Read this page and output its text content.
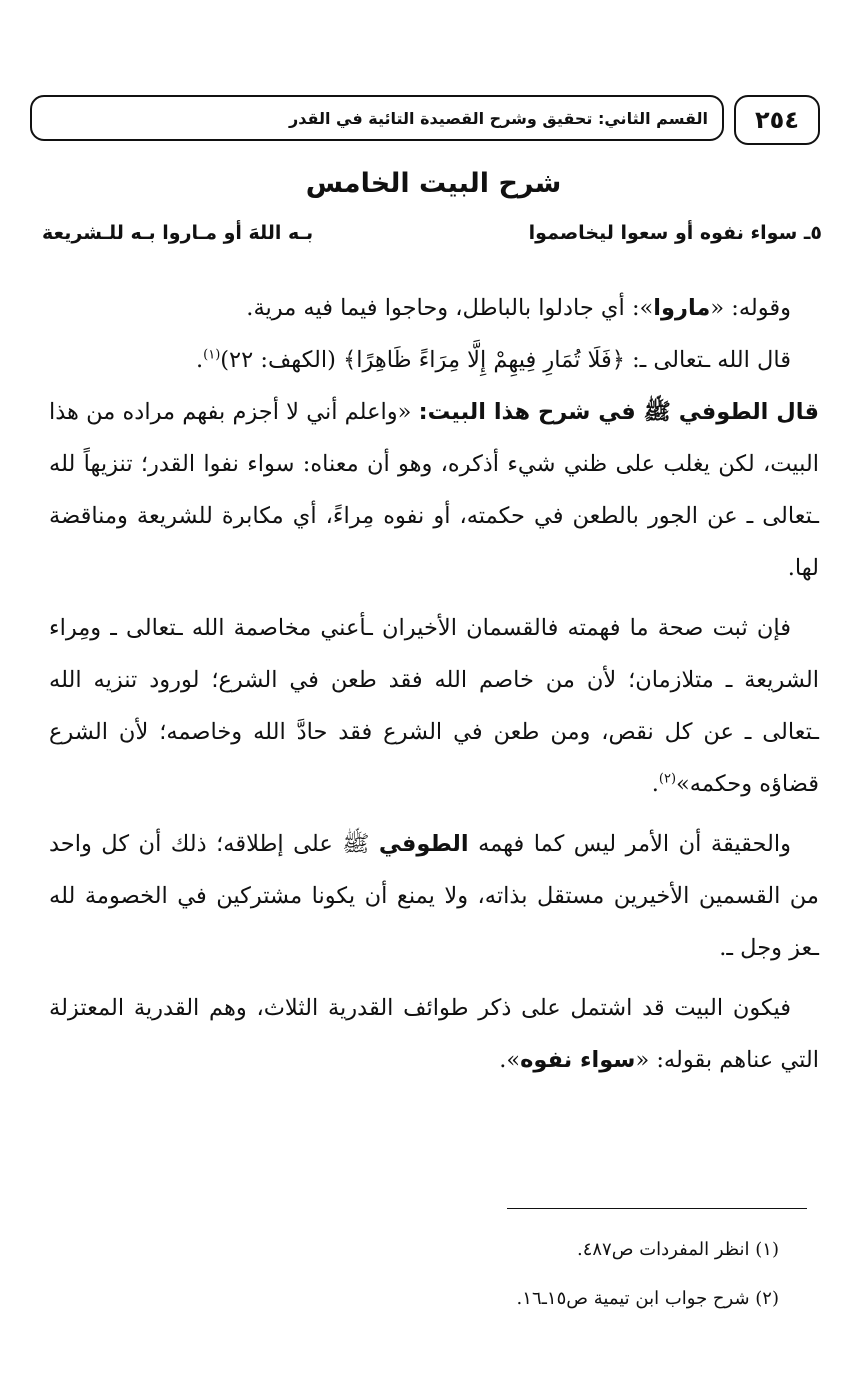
٢٥٤
القسم الثاني: تحقيق وشرح القصيدة التائية في القدر
شرح البيت الخامس
٥ـ سواء نفوه أو سعوا ليخاصموا
بـه اللهَ أو مـاروا بـه للـشريعة

وقوله: «ماروا»: أي جادلوا بالباطل، وحاجوا فيما فيه مرية.

قال الله ـتعالى ـ: ﴿فَلَا تُمَارِ فِيهِمْ إِلَّا مِرَاءً ظَاهِرًا﴾ (الكهف: ٢٢)$^{(١)}$.

قال الطوفي ﷺ في شرح هذا البيت: «واعلم أني لا أجزم بفهم مراده من هذا البيت، لكن يغلب على ظني شيء أذكره، وهو أن معناه: سواء نفوا القدر؛ تنزيهاً لله ـتعالى ـ عن الجور بالطعن في حكمته، أو نفوه مِراءً، أي مكابرة للشريعة ومناقضة لها.

فإن ثبت صحة ما فهمته فالقسمان الأخيران ـأعني مخاصمة الله ـتعالى ـ ومِراء الشريعة ـ متلازمان؛ لأن من خاصم الله فقد طعن في الشرع؛ لورود تنزيه الله ـتعالى ـ عن كل نقص، ومن طعن في الشرع فقد حادَّ الله وخاصمه؛ لأن الشرع قضاؤه وحكمه»$^{(٢)}$.

والحقيقة أن الأمر ليس كما فهمه الطوفي ﷺ على إطلاقه؛ ذلك أن كل واحد من القسمين الأخيرين مستقل بذاته، ولا يمنع أن يكونا مشتركين في الخصومة لله ـعز وجل ـ.

فيكون البيت قد اشتمل على ذكر طوائف القدرية الثلاث، وهم القدرية المعتزلة التي عناهم بقوله: «سواء نفوه».

(١) انظر المفردات ص٤٨٧.

(٢) شرح جواب ابن تيمية ص١٥ـ١٦.
